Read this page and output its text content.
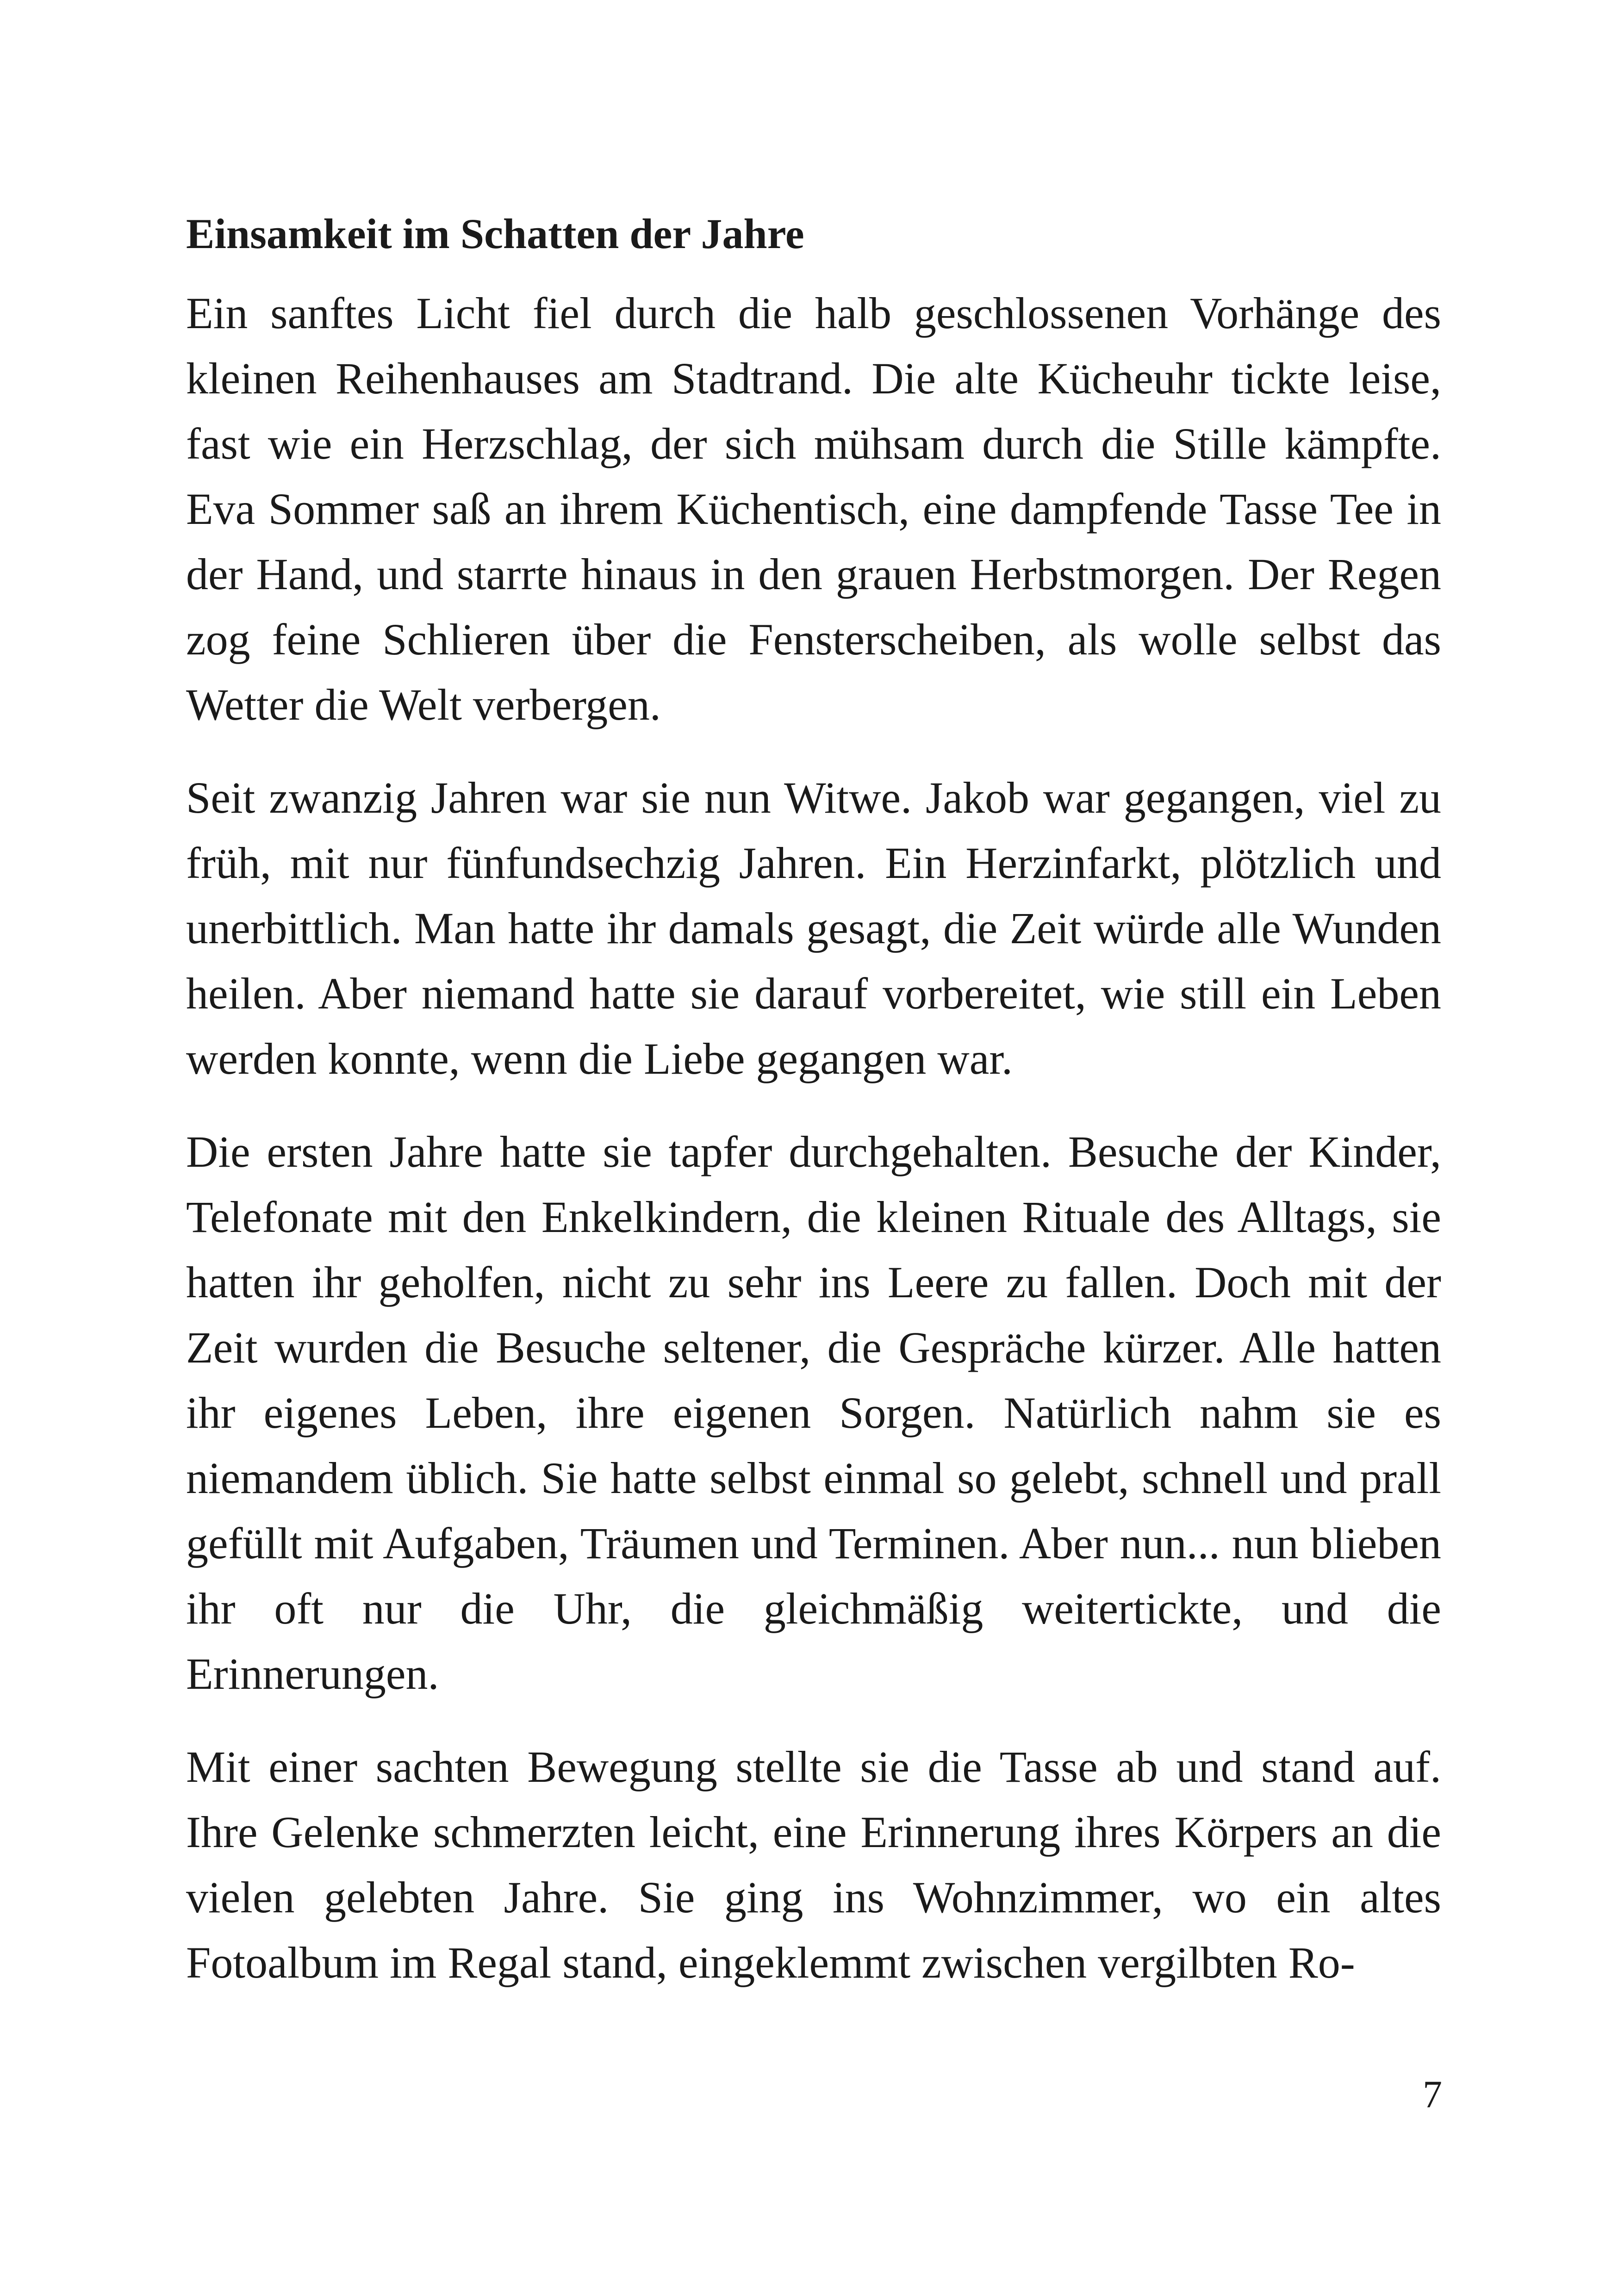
Einsamkeit im Schatten der Jahre

Ein sanftes Licht fiel durch die halb geschlossenen Vorhänge des kleinen Reihenhauses am Stadtrand. Die alte Kücheuhr tickte leise, fast wie ein Herzschlag, der sich mühsam durch die Stille kämpfte. Eva Sommer saß an ihrem Küchentisch, eine dampfende Tasse Tee in der Hand, und starrte hinaus in den grauen Herbstmorgen. Der Regen zog feine Schlieren über die Fensterscheiben, als wolle selbst das Wetter die Welt verbergen.

Seit zwanzig Jahren war sie nun Witwe. Jakob war gegangen, viel zu früh, mit nur fünfundsechzig Jahren. Ein Herzinfarkt, plötzlich und unerbittlich. Man hatte ihr damals gesagt, die Zeit würde alle Wunden heilen. Aber niemand hatte sie darauf vorbereitet, wie still ein Leben werden konnte, wenn die Liebe gegangen war.

Die ersten Jahre hatte sie tapfer durchgehalten. Besuche der Kinder, Telefonate mit den Enkelkindern, die kleinen Rituale des Alltags, sie hatten ihr geholfen, nicht zu sehr ins Leere zu fallen. Doch mit der Zeit wurden die Besuche seltener, die Gespräche kürzer. Alle hatten ihr eigenes Leben, ihre eigenen Sorgen. Natürlich nahm sie es niemandem üblich. Sie hatte selbst einmal so gelebt, schnell und prall gefüllt mit Aufgaben, Träumen und Terminen. Aber nun... nun blieben ihr oft nur die Uhr, die gleichmäßig weitertickte, und die Erinnerungen.

Mit einer sachten Bewegung stellte sie die Tasse ab und stand auf. Ihre Gelenke schmerzten leicht, eine Erinnerung ihres Körpers an die vielen gelebten Jahre. Sie ging ins Wohnzimmer, wo ein altes Fotoalbum im Regal stand, eingeklemmt zwischen vergilbten Ro-

7
